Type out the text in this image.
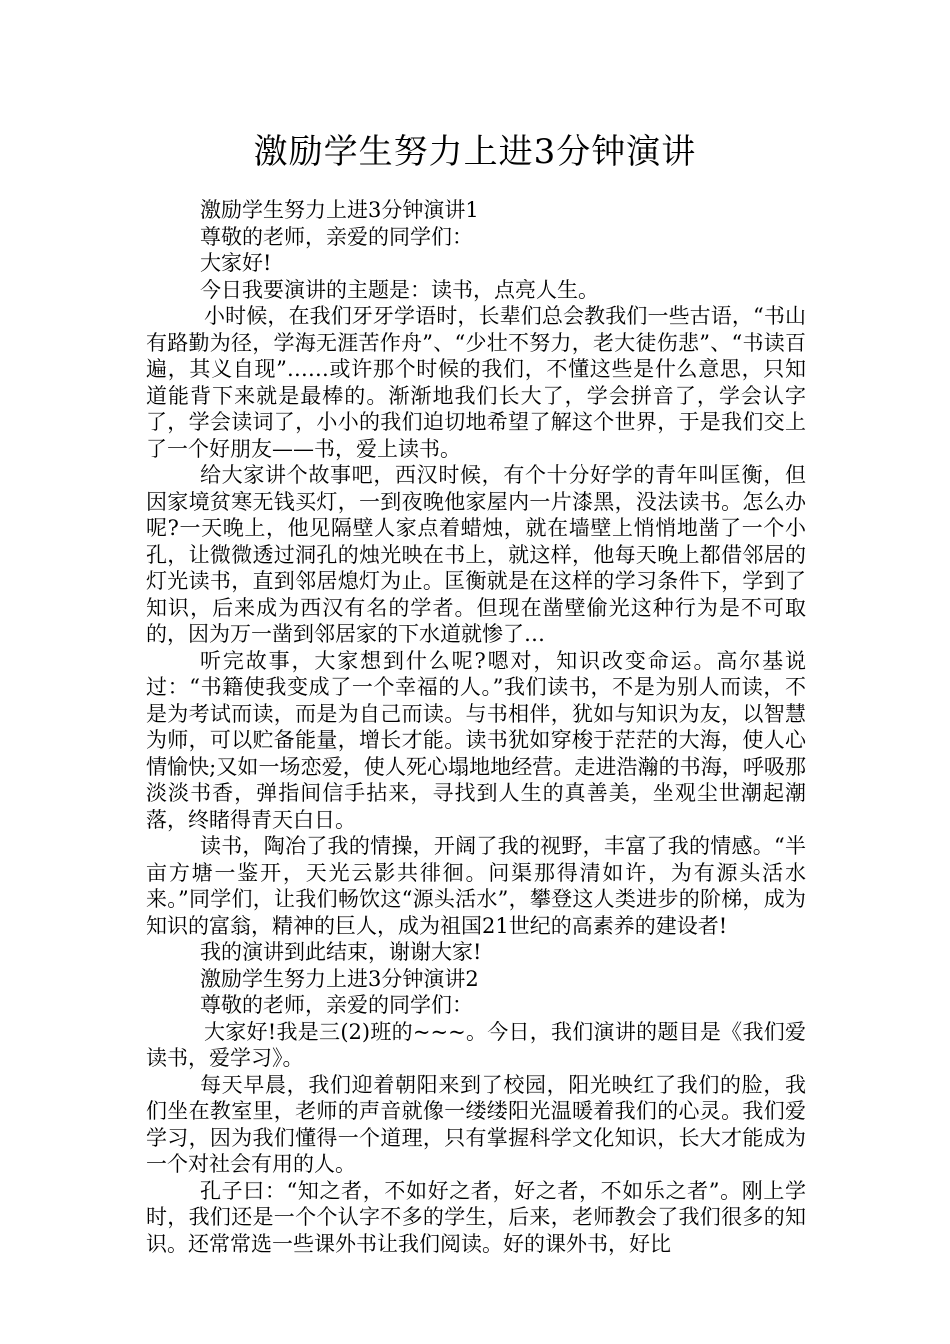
激励学生努力上进3分钟演讲

激励学生努力上进3分钟演讲1

尊敬的老师，亲爱的同学们：

大家好!

今日我要演讲的主题是：读书，点亮人生。

小时候，在我们牙牙学语时，长辈们总会教我们一些古语，“书山有路勤为径，学海无涯苦作舟”、“少壮不努力，老大徒伤悲”、“书读百遍，其义自现”……或许那个时候的我们，不懂这些是什么意思，只知道能背下来就是最棒的。渐渐地我们长大了，学会拼音了，学会认字了，学会读词了，小小的我们迫切地希望了解这个世界，于是我们交上了一个好朋友——书，爱上读书。

给大家讲个故事吧，西汉时候，有个十分好学的青年叫匡衡，但因家境贫寒无钱买灯，一到夜晚他家屋内一片漆黑，没法读书。怎么办呢?一天晚上，他见隔壁人家点着蜡烛，就在墙壁上悄悄地凿了一个小孔，让微微透过洞孔的烛光映在书上，就这样，他每天晚上都借邻居的灯光读书，直到邻居熄灯为止。匡衡就是在这样的学习条件下，学到了知识，后来成为西汉有名的学者。但现在凿壁偷光这种行为是不可取的，因为万一凿到邻居家的下水道就惨了…

听完故事，大家想到什么呢?嗯对，知识改变命运。高尔基说过：“书籍使我变成了一个幸福的人。”我们读书，不是为别人而读，不是为考试而读，而是为自己而读。与书相伴，犹如与知识为友，以智慧为师，可以贮备能量，增长才能。读书犹如穿梭于茫茫的大海，使人心情愉快;又如一场恋爱，使人死心塌地地经营。走进浩瀚的书海，呼吸那淡淡书香，弹指间信手拈来，寻找到人生的真善美，坐观尘世潮起潮落，终睹得青天白日。

读书，陶冶了我的情操，开阔了我的视野，丰富了我的情感。“半亩方塘一鉴开，天光云影共徘徊。问渠那得清如许，为有源头活水来。”同学们，让我们畅饮这“源头活水”，攀登这人类进步的阶梯，成为知识的富翁，精神的巨人，成为祖国21世纪的高素养的建设者!

我的演讲到此结束，谢谢大家!

激励学生努力上进3分钟演讲2

尊敬的老师，亲爱的同学们：

大家好!我是三(2)班的~~~。今日，我们演讲的题目是《我们爱读书，爱学习》。

每天早晨，我们迎着朝阳来到了校园，阳光映红了我们的脸，我们坐在教室里，老师的声音就像一缕缕阳光温暖着我们的心灵。我们爱学习，因为我们懂得一个道理，只有掌握科学文化知识，长大才能成为一个对社会有用的人。

孔子曰：“知之者，不如好之者，好之者，不如乐之者”。刚上学时，我们还是一个个认字不多的学生，后来，老师教会了我们很多的知识。还常常选一些课外书让我们阅读。好的课外书，好比
